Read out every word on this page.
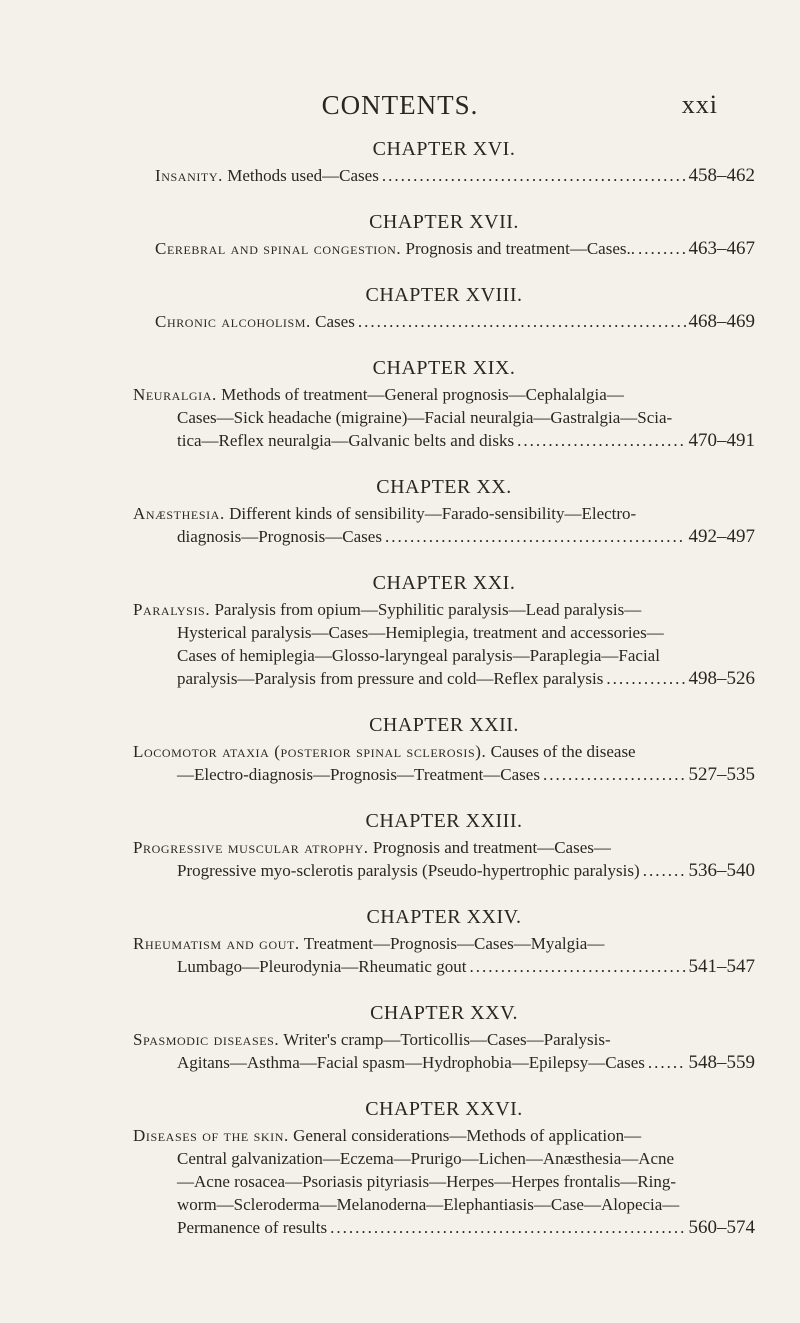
CONTENTS.	xxi
CHAPTER XVI.
Insanity. Methods used—Cases .....	458–462
CHAPTER XVII.
Cerebral and spinal congestion. Prognosis and treatment—Cases.. .....	463–467
CHAPTER XVIII.
Chronic alcoholism. Cases .....	468–469
CHAPTER XIX.
Neuralgia. Methods of treatment—General prognosis—Cephalalgia—
Cases—Sick headache (migraine)—Facial neuralgia—Gastralgia—Scia-
tica—Reflex neuralgia—Galvanic belts and disks .....	470–491
CHAPTER XX.
Anæsthesia. Different kinds of sensibility—Farado-sensibility—Electro-
diagnosis—Prognosis—Cases .....	492–497
CHAPTER XXI.
Paralysis. Paralysis from opium—Syphilitic paralysis—Lead paralysis—
Hysterical paralysis—Cases—Hemiplegia, treatment and accessories—
Cases of hemiplegia—Glosso-laryngeal paralysis—Paraplegia—Facial
paralysis—Paralysis from pressure and cold—Reflex paralysis .....	498–526
CHAPTER XXII.
Locomotor ataxia (posterior spinal sclerosis). Causes of the disease
—Electro-diagnosis—Prognosis—Treatment—Cases .....	527–535
CHAPTER XXIII.
Progressive muscular atrophy. Prognosis and treatment—Cases—
Progressive myo-sclerotis paralysis (Pseudo-hypertrophic paralysis) .....	536–540
CHAPTER XXIV.
Rheumatism and gout. Treatment—Prognosis—Cases—Myalgia—
Lumbago—Pleurodynia—Rheumatic gout .....	541–547
CHAPTER XXV.
Spasmodic diseases. Writer's cramp—Torticollis—Cases—Paralysis-
Agitans—Asthma—Facial spasm—Hydrophobia—Epilepsy—Cases ..... 548–559
CHAPTER XXVI.
Diseases of the skin. General considerations—Methods of application—
Central galvanization—Eczema—Prurigo—Lichen—Anæsthesia—Acne
—Acne rosacea—Psoriasis pityriasis—Herpes—Herpes frontalis—Ring-
worm—Scleroderma—Melanoderna—Elephantiasis—Case—Alopecia—
Permanence of results .....	560–574
